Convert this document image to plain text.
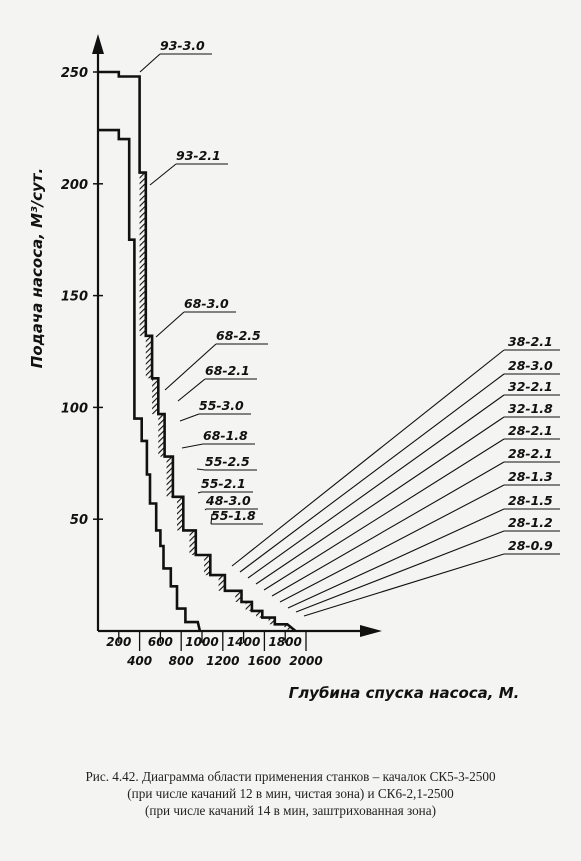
50
100
150
200
250
200
400
600
800
1000
1200
1400
1600
1800
2000
93-3.0
93-2.1
68-3.0
68-2.5
68-2.1
55-3.0
68-1.8
55-2.5
55-2.1
48-3.0
55-1.8
38-2.1
28-3.0
32-2.1
32-1.8
28-2.1
28-2.1
28-1.3
28-1.5
28-1.2
28-0.9
Подача насоса, М³/сут.
Глубина спуска насоса, М.
Рис. 4.42. Диаграмма области применения станков – качалок СК5-3-2500
(при числе качаний 12 в мин, чистая зона) и СК6-2,1-2500
(при числе качаний 14 в мин, заштрихованная зона)
